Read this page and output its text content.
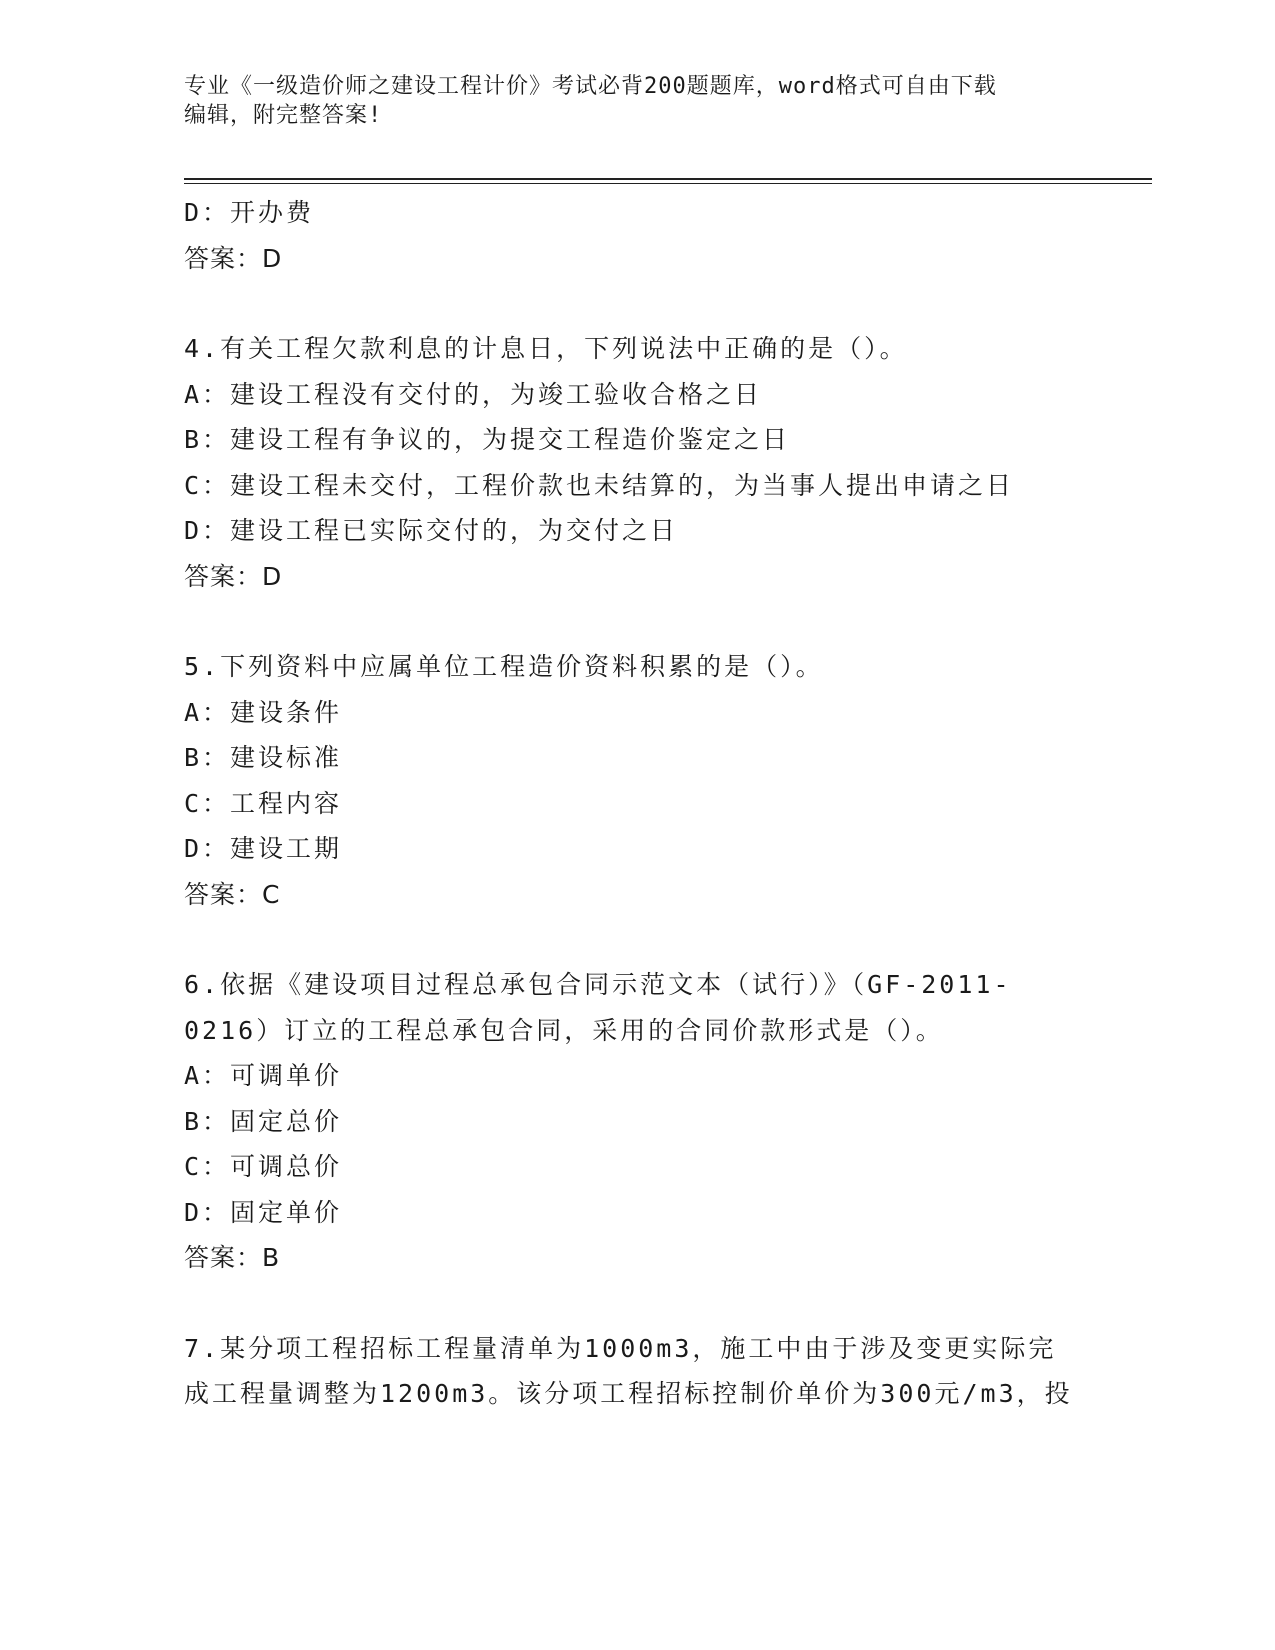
专业《一级造价师之建设工程计价》考试必背200题题库，word格式可自由下载
编辑，附完整答案!
D：开办费
答案：D
4.有关工程欠款利息的计息日，下列说法中正确的是（）。
A：建设工程没有交付的，为竣工验收合格之日
B：建设工程有争议的，为提交工程造价鉴定之日
C：建设工程未交付，工程价款也未结算的，为当事人提出申请之日
D：建设工程已实际交付的，为交付之日
答案：D
5.下列资料中应属单位工程造价资料积累的是（）。
A：建设条件
B：建设标准
C：工程内容
D：建设工期
答案：C
6.依据《建设项目过程总承包合同示范文本（试行）》（GF-2011-
0216）订立的工程总承包合同，采用的合同价款形式是（）。
A：可调单价
B：固定总价
C：可调总价
D：固定单价
答案：B
7.某分项工程招标工程量清单为1000m3，施工中由于涉及变更实际完
成工程量调整为1200m3。该分项工程招标控制价单价为300元/m3，投
